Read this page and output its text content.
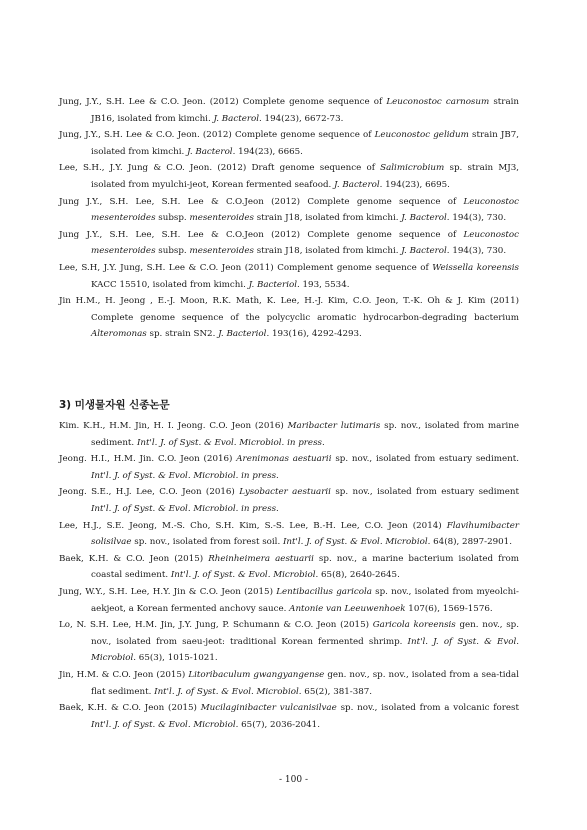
Jung, J.Y., S.H. Lee & C.O. Jeon. (2012) Complete genome sequence of Leuconostoc carnosum strain JB16, isolated from kimchi. J. Bacterol. 194(23), 6672-73.
Jung, J.Y., S.H. Lee & C.O. Jeon. (2012) Complete genome sequence of Leuconostoc gelidum strain JB7, isolated from kimchi. J. Bacterol. 194(23), 6665.
Lee, S.H., J.Y. Jung & C.O. Jeon. (2012) Draft genome sequence of Salimicrobium sp. strain MJ3, isolated from myulchi-jeot, Korean fermented seafood. J. Bacterol. 194(23), 6695.
Jung J.Y., S.H. Lee, S.H. Lee & C.O.Jeon (2012) Complete genome sequence of Leuconostoc mesenteroides subsp. mesenteroides strain J18, isolated from kimchi. J. Bacterol. 194(3), 730.
Jung J.Y., S.H. Lee, S.H. Lee & C.O.Jeon (2012) Complete genome sequence of Leuconostoc mesenteroides subsp. mesenteroides strain J18, isolated from kimchi. J. Bacterol. 194(3), 730.
Lee, S.H, J.Y. Jung, S.H. Lee & C.O. Jeon (2011) Complement genome sequence of Weissella koreensis KACC 15510, isolated from kimchi. J. Bacteriol. 193, 5534.
Jin H.M., H. Jeong , E.-J. Moon, R.K. Math, K. Lee, H.-J. Kim, C.O. Jeon, T.-K. Oh & J. Kim (2011) Complete genome sequence of the polycyclic aromatic hydrocarbon-degrading bacterium Alteromonas sp. strain SN2. J. Bacteriol. 193(16), 4292-4293.
3) 미생물자원 신종논문
Kim. K.H., H.M. Jin, H. I. Jeong. C.O. Jeon (2016) Maribacter lutimaris sp. nov., isolated from marine sediment. Int'l. J. of Syst. & Evol. Microbiol. in press.
Jeong. H.I., H.M. Jin. C.O. Jeon (2016) Arenimonas aestuarii sp. nov., isolated from estuary sediment. Int'l. J. of Syst. & Evol. Microbiol. in press.
Jeong. S.E., H.J. Lee, C.O. Jeon (2016) Lysobacter aestuarii sp. nov., isolated from estuary sediment Int'l. J. of Syst. & Evol. Microbiol. in press.
Lee, H.J., S.E. Jeong, M.-S. Cho, S.H. Kim, S.-S. Lee, B.-H. Lee, C.O. Jeon (2014) Flavihumibacter solisilvae sp. nov., isolated from forest soil. Int'l. J. of Syst. & Evol. Microbiol. 64(8), 2897-2901.
Baek, K.H. & C.O. Jeon (2015) Rheinheimera aestuarii sp. nov., a marine bacterium isolated from coastal sediment. Int'l. J. of Syst. & Evol. Microbiol. 65(8), 2640-2645.
Jung, W.Y., S.H. Lee, H.Y. Jin & C.O. Jeon (2015) Lentibacillus garicola sp. nov., isolated from myeolchi-aekjeot, a Korean fermented anchovy sauce. Antonie van Leeuwenhoek 107(6), 1569-1576.
Lo, N. S.H. Lee, H.M. Jin, J.Y. Jung, P. Schumann & C.O. Jeon (2015) Garicola koreensis gen. nov., sp. nov., isolated from saeu-jeot: traditional Korean fermented shrimp. Int'l. J. of Syst. & Evol. Microbiol. 65(3), 1015-1021.
Jin, H.M. & C.O. Jeon (2015) Litoribaculum gwangyangense gen. nov., sp. nov., isolated from a sea-tidal flat sediment. Int'l. J. of Syst. & Evol. Microbiol. 65(2), 381-387.
Baek, K.H. & C.O. Jeon (2015) Mucilaginibacter vulcanisilvae sp. nov., isolated from a volcanic forest Int'l. J. of Syst. & Evol. Microbiol. 65(7), 2036-2041.
- 100 -
